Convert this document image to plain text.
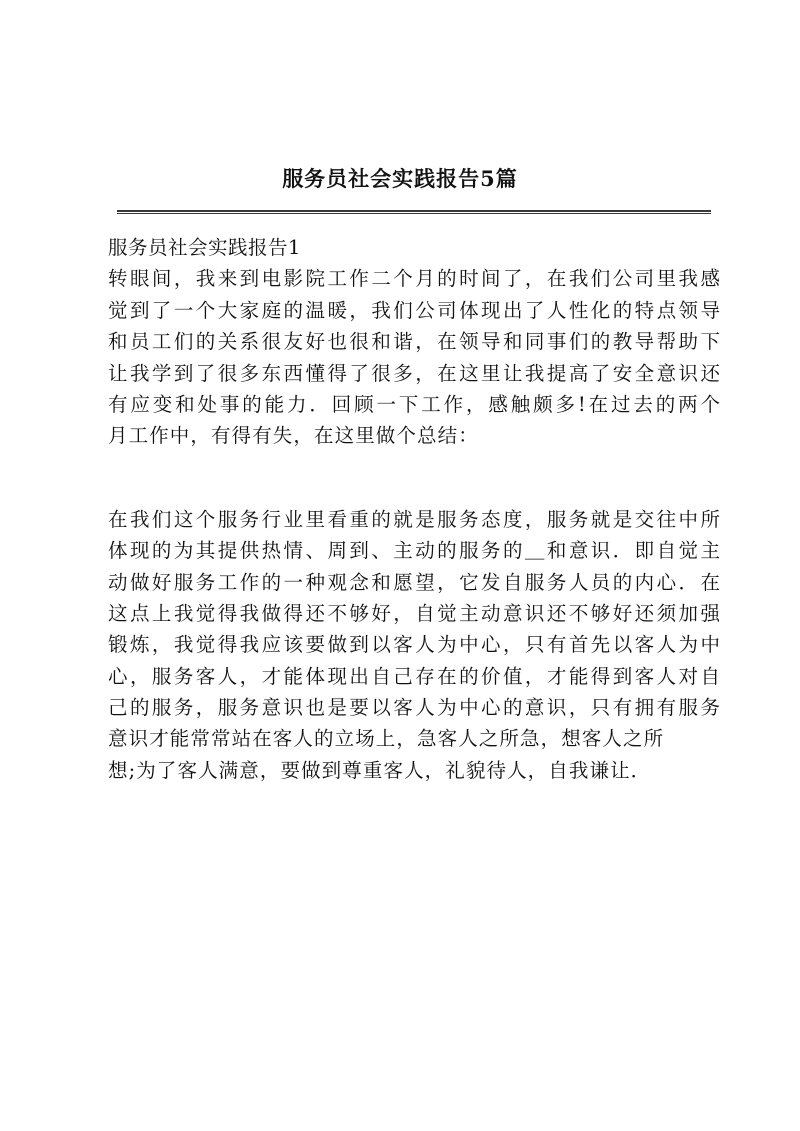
服务员社会实践报告5篇
服务员社会实践报告1
转眼间，我来到电影院工作二个月的时间了，在我们公司里我感
觉到了一个大家庭的温暖，我们公司体现出了人性化的特点领导
和员工们的关系很友好也很和谐，在领导和同事们的教导帮助下
让我学到了很多东西懂得了很多，在这里让我提高了安全意识还
有应变和处事的能力．回顾一下工作，感触颇多!在过去的两个
月工作中，有得有失，在这里做个总结：
在我们这个服务行业里看重的就是服务态度，服务就是交往中所
体现的为其提供热情、周到、主动的服务的＿和意识．即自觉主
动做好服务工作的一种观念和愿望，它发自服务人员的内心．在
这点上我觉得我做得还不够好，自觉主动意识还不够好还须加强
锻炼，我觉得我应该要做到以客人为中心，只有首先以客人为中
心，服务客人，才能体现出自己存在的价值，才能得到客人对自
己的服务，服务意识也是要以客人为中心的意识，只有拥有服务
意识才能常常站在客人的立场上，急客人之所急，想客人之所
想;为了客人满意，要做到尊重客人，礼貌待人，自我谦让．
